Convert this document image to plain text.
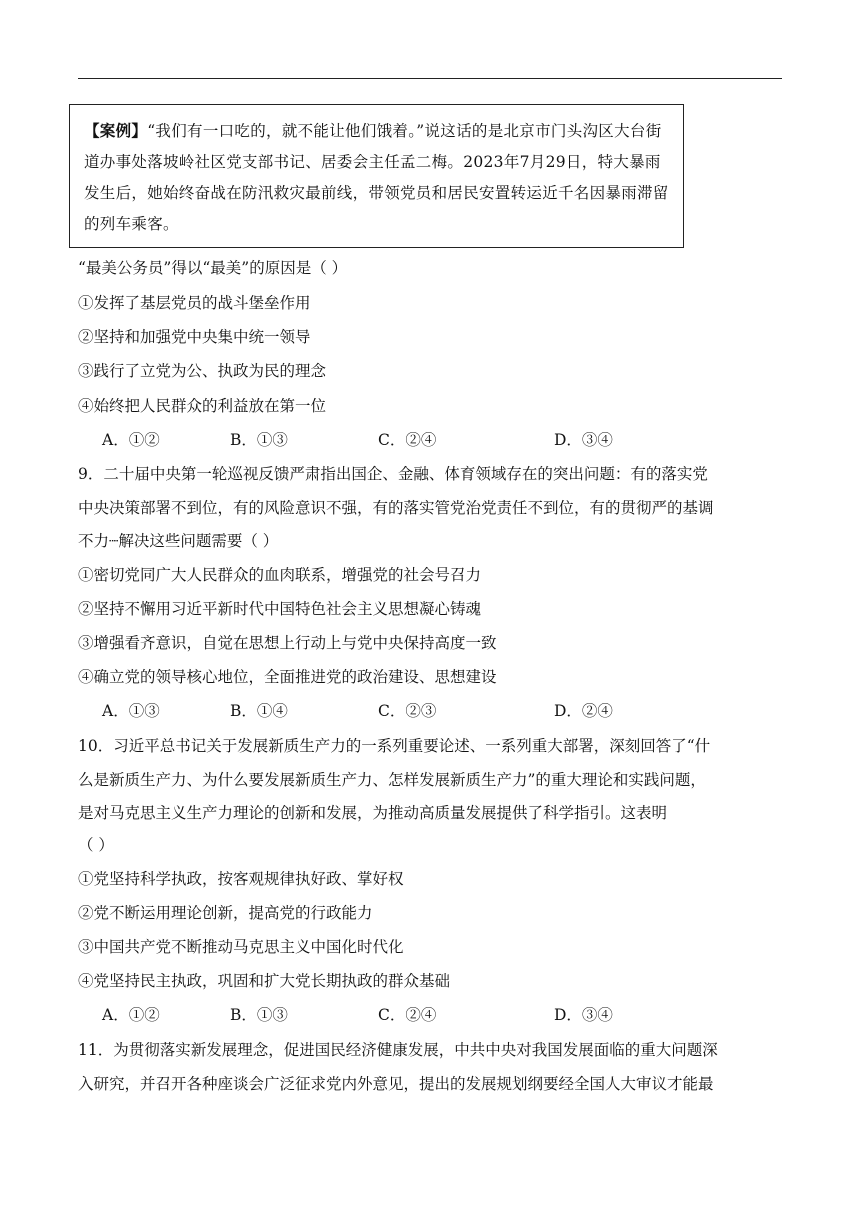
【案例】“我们有一口吃的，就不能让他们饿着。”说这话的是北京市门头沟区大台街道办事处落坡岭社区党支部书记、居委会主任孟二梅。2023年7月29日，特大暴雨发生后，她始终奋战在防汛救灾最前线，带领党员和居民安置转运近千名因暴雨滞留的列车乘客。

“最美公务员”得以“最美”的原因是（ ）
①发挥了基层党员的战斗堡垒作用
②坚持和加强党中央集中统一领导
③践行了立党为公、执政为民的理念
④始终把人民群众的利益放在第一位
A．①②	B．①③	C．②④	D．③④
9．二十届中央第一轮巡视反馈严肃指出国企、金融、体育领域存在的突出问题：有的落实党
中央决策部署不到位，有的风险意识不强，有的落实管党治党责任不到位，有的贯彻严的基调
不力┈解决这些问题需要（ ）
①密切党同广大人民群众的血肉联系，增强党的社会号召力
②坚持不懈用习近平新时代中国特色社会主义思想凝心铸魂
③增强看齐意识，自觉在思想上行动上与党中央保持高度一致
④确立党的领导核心地位，全面推进党的政治建设、思想建设
A．①③	B．①④	C．②③	D．②④
10．习近平总书记关于发展新质生产力的一系列重要论述、一系列重大部署，深刻回答了“什
么是新质生产力、为什么要发展新质生产力、怎样发展新质生产力”的重大理论和实践问题，
是对马克思主义生产力理论的创新和发展，为推动高质量发展提供了科学指引。这表明
（ ）
①党坚持科学执政，按客观规律执好政、掌好权
②党不断运用理论创新，提高党的行政能力
③中国共产党不断推动马克思主义中国化时代化
④党坚持民主执政，巩固和扩大党长期执政的群众基础
A．①②	B．①③	C．②④	D．③④
11．为贯彻落实新发展理念，促进国民经济健康发展，中共中央对我国发展面临的重大问题深
入研究，并召开各种座谈会广泛征求党内外意见，提出的发展规划纲要经全国人大审议才能最
